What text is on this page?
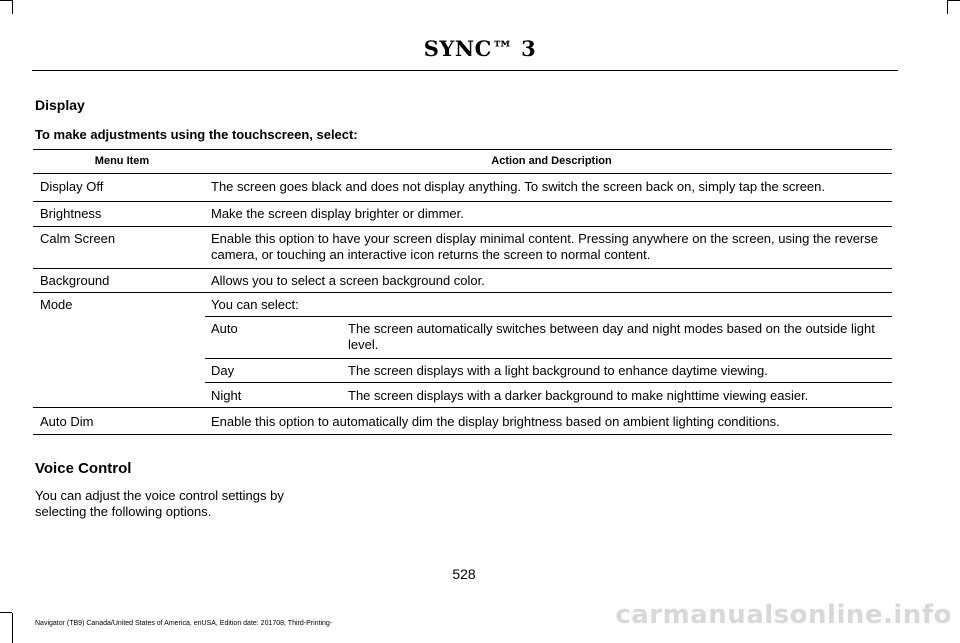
SYNC™ 3
Display
To make adjustments using the touchscreen, select:
Menu Item	Action and Description
Display Off	The screen goes black and does not display anything. To switch the screen back on, simply tap the screen.
Brightness	Make the screen display brighter or dimmer.
Calm Screen	Enable this option to have your screen display minimal content. Pressing anywhere on the screen, using the reverse camera, or touching an interactive icon returns the screen to normal content.
Background	Allows you to select a screen background color.
Mode	You can select:
Auto	The screen automatically switches between day and night modes based on the outside light level.
Day	The screen displays with a light background to enhance daytime viewing.
Night	The screen displays with a darker background to make nighttime viewing easier.
Auto Dim	Enable this option to automatically dim the display brightness based on ambient lighting conditions.
Voice Control
You can adjust the voice control settings by selecting the following options.
528
Navigator (TB9) Canada/United States of America, enUSA, Edition date: 201708, Third-Printing-	carmanualsonline.info
